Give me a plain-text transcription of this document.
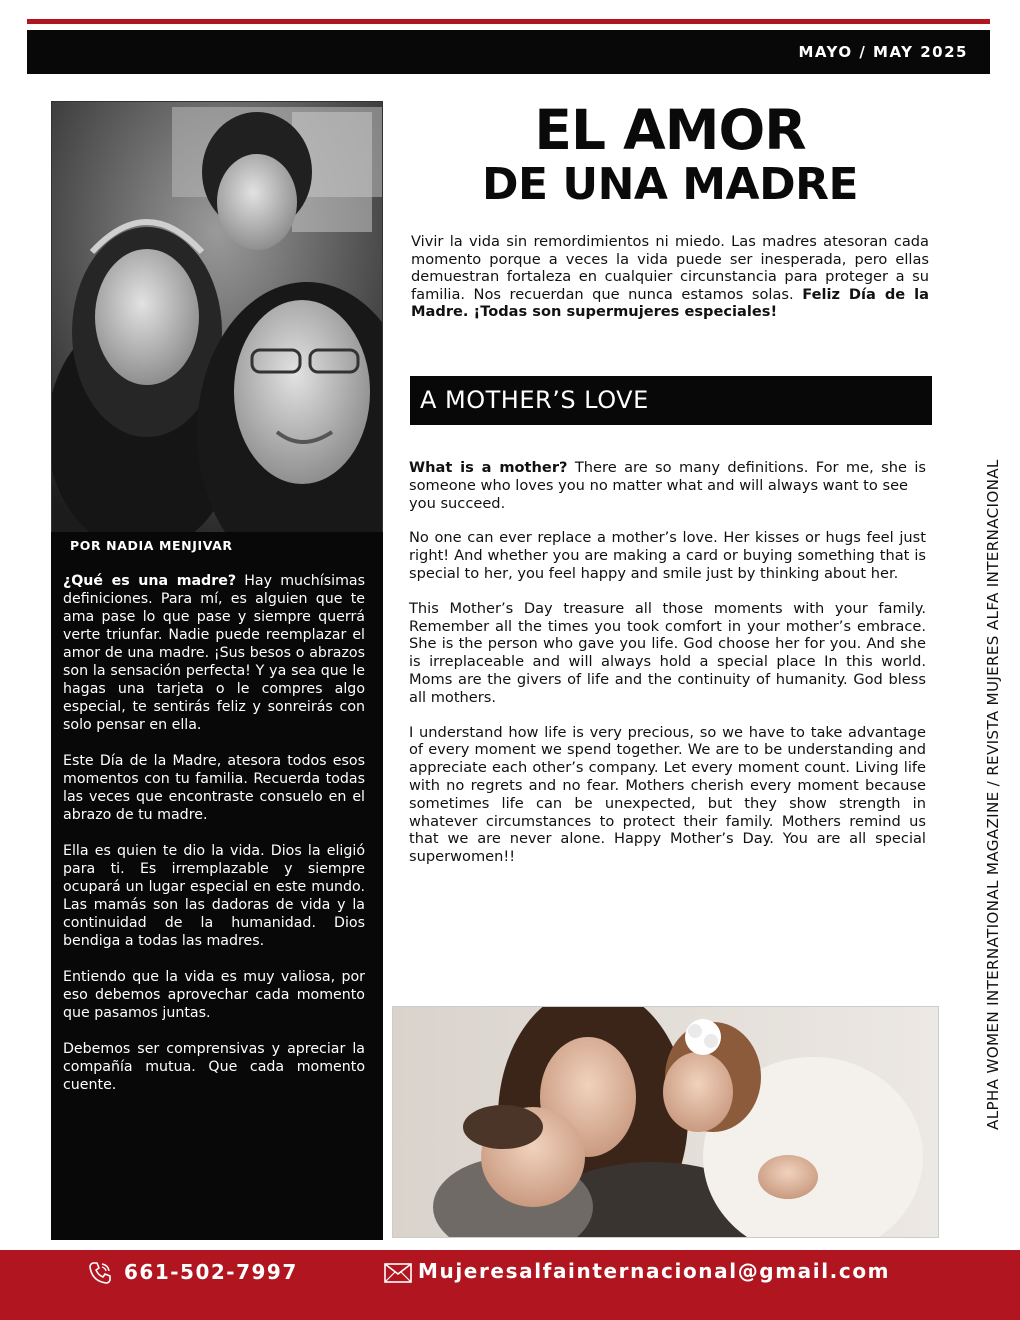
MAYO / MAY 2025
POR NADIA MENJIVAR

¿Qué es una madre? Hay muchísimas definiciones. Para mí, es alguien que te ama pase lo que pase y siempre querrá verte triunfar. Nadie puede reemplazar el amor de una madre. ¡Sus besos o abrazos son la sensación perfecta! Y ya sea que le hagas una tarjeta o le compres algo especial, te sentirás feliz y sonreirás con solo pensar en ella.

Este Día de la Madre, atesora todos esos momentos con tu familia. Recuerda todas las veces que encontraste consuelo en el abrazo de tu madre.

Ella es quien te dio la vida. Dios la eligió para ti. Es irremplazable y siempre ocupará un lugar especial en este mundo. Las mamás son las dadoras de vida y la continuidad de la humanidad. Dios bendiga a todas las madres.

Entiendo que la vida es muy valiosa, por eso debemos aprovechar cada momento que pasamos juntas.

Debemos ser comprensivas y apreciar la compañía mutua. Que cada momento cuente.

EL AMOR
DE UNA MADRE
Vivir la vida sin remordimientos ni miedo. Las madres atesoran cada momento porque a veces la vida puede ser inesperada, pero ellas demuestran fortaleza en cualquier circunstancia para proteger a su familia. Nos recuerdan que nunca estamos solas. Feliz Día de la Madre. ¡Todas son supermujeres especiales!
A MOTHER’S LOVE

What is a mother? There are so many definitions. For me, she is someone who loves you no matter what and will always want to see
you succeed.

No one can ever replace a mother’s love. Her kisses or hugs feel just right! And whether you are making a card or buying something that is special to her, you feel happy and smile just by thinking about her.

This Mother’s Day treasure all those moments with your family. Remember all the times you took comfort in your mother’s embrace. She is the person who gave you life. God choose her for you. And she is irreplaceable and will always hold a special place In this world. Moms are the givers of life and the continuity of humanity. God bless all mothers.

I understand how life is very precious, so we have to take advantage of every moment we spend together. We are to be understanding and appreciate each other’s company. Let every moment count. Living life with no regrets and no fear. Mothers cherish every moment because sometimes life can be unexpected, but they show strength in whatever circumstances to protect their family. Mothers remind us that we are never alone. Happy Mother’s Day. You are all special superwomen!!	ALPHA WOMEN INTERNATIONAL MAGAZINE / REVISTA MUJERES ALFA INTERNACIONAL
661-502-7997	Mujeresalfainternacional@gmail.com
